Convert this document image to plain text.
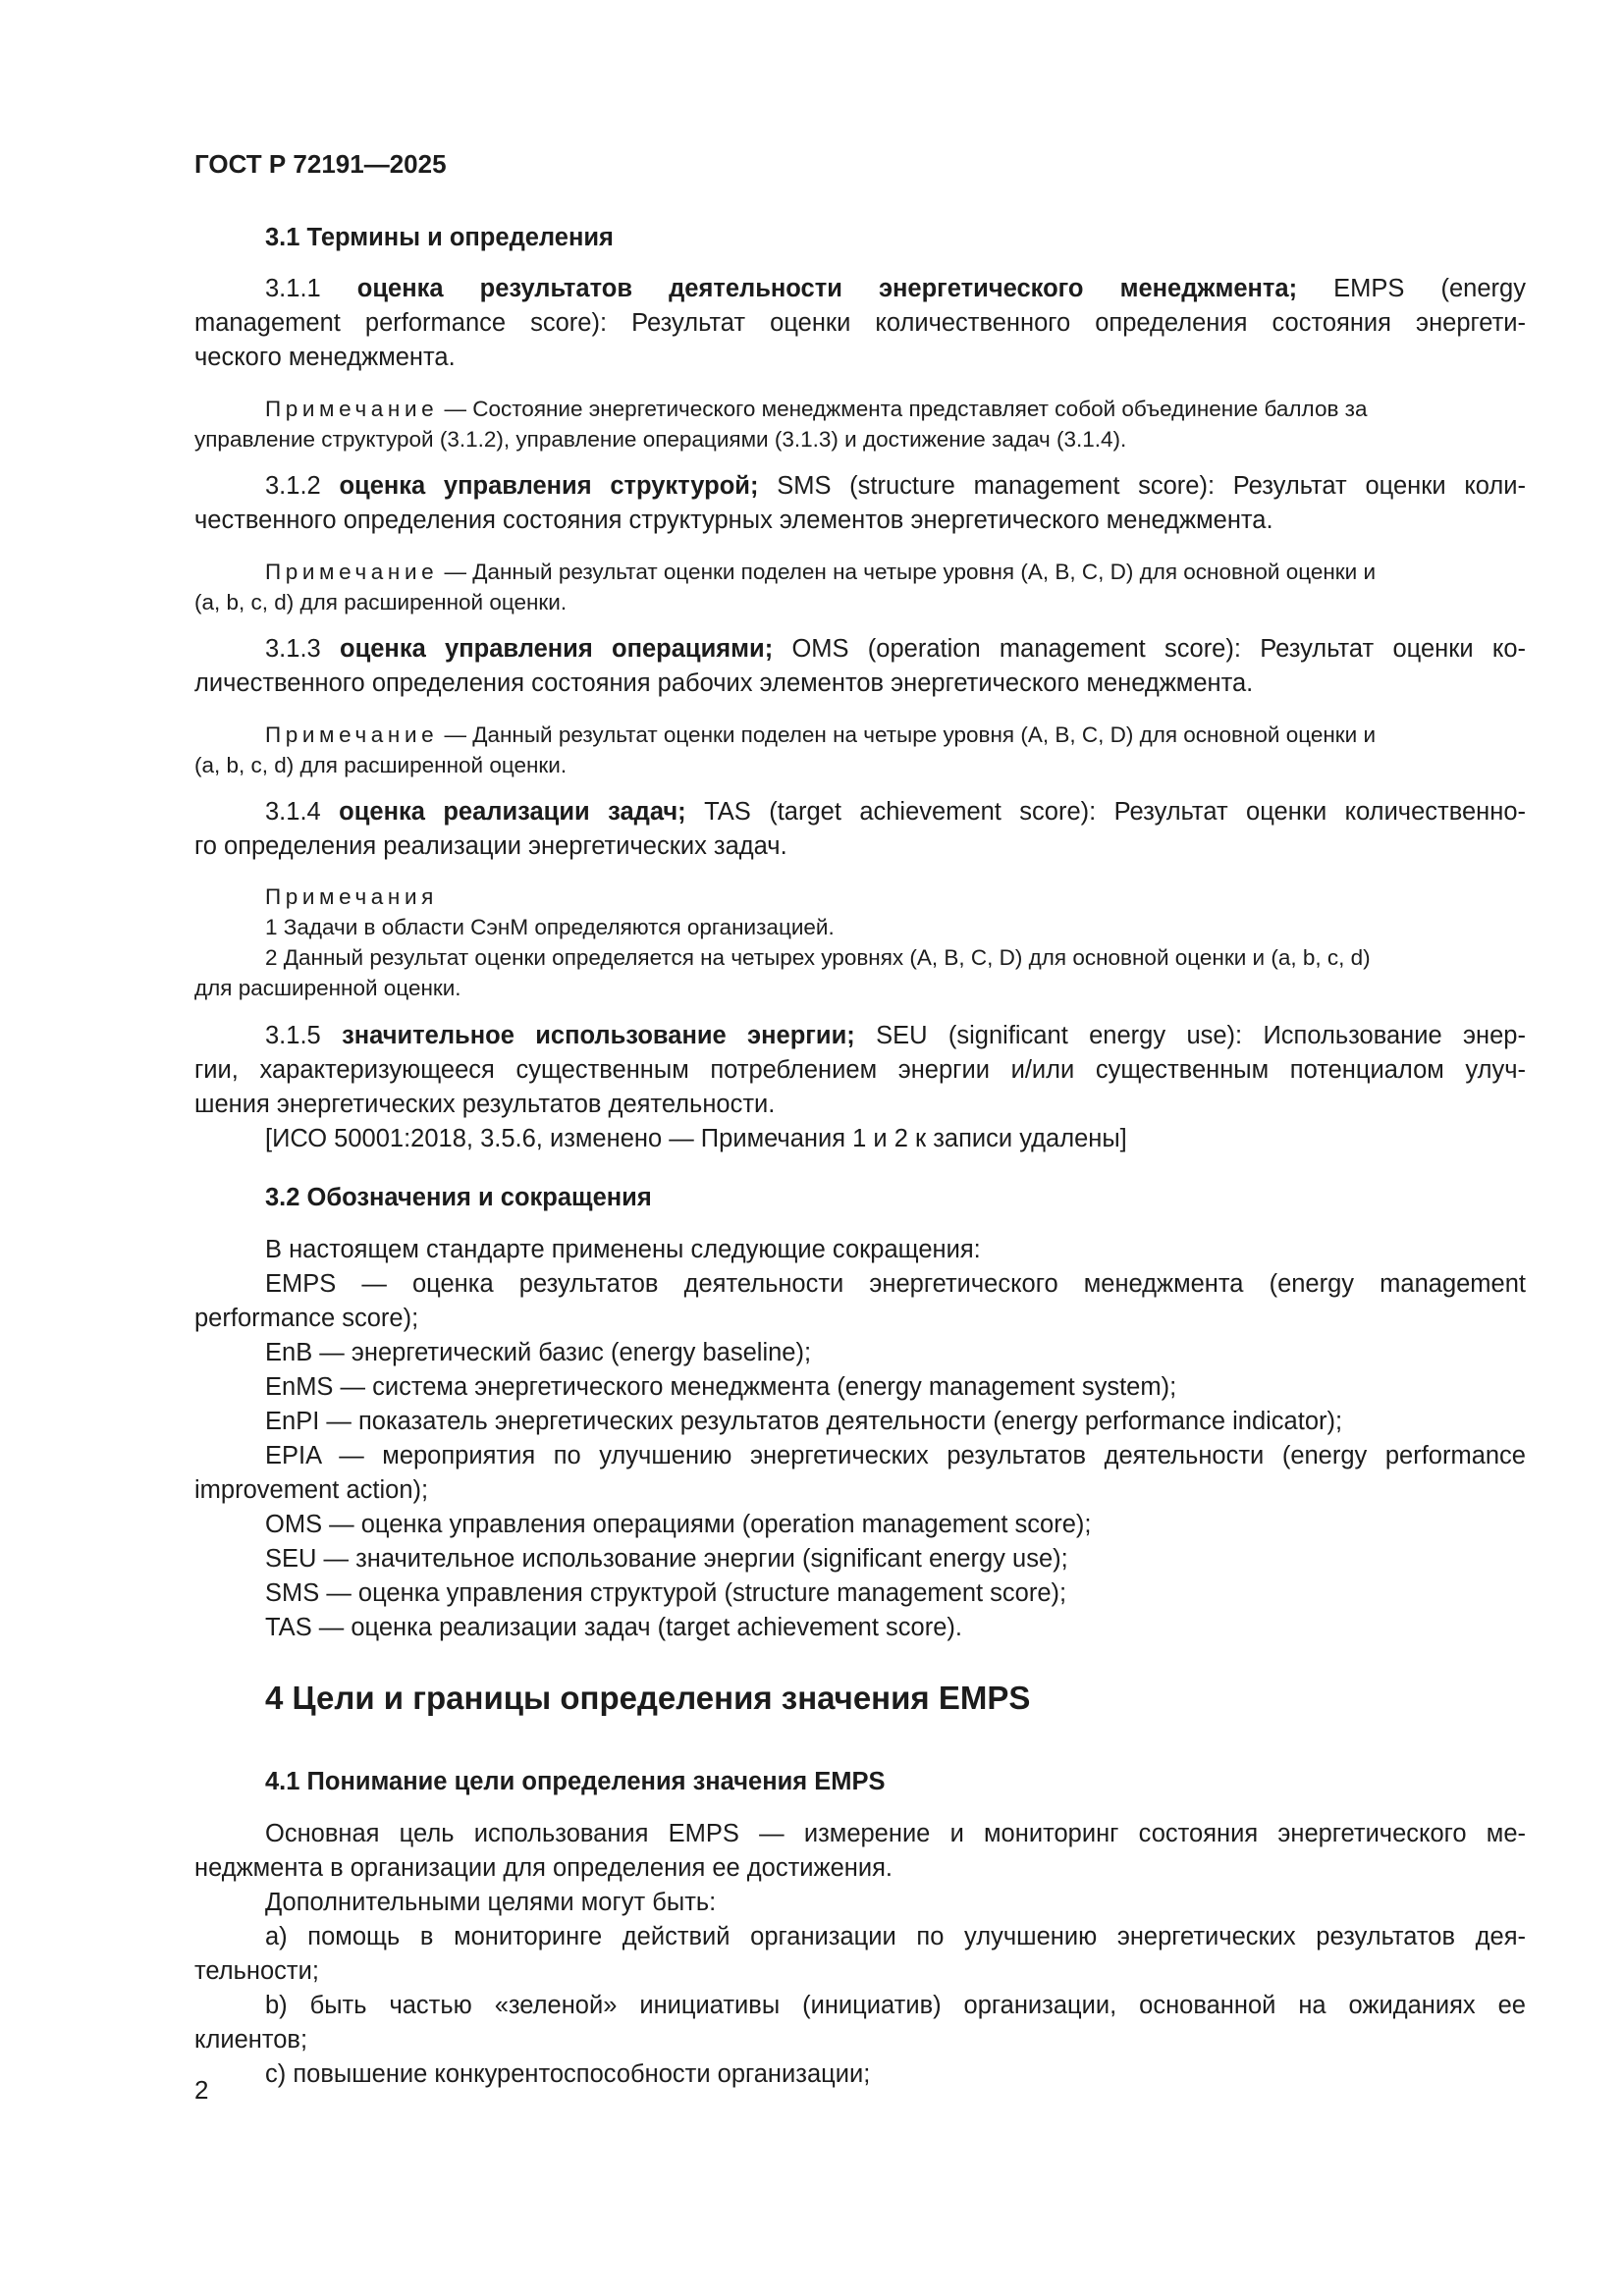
ГОСТ Р 72191—2025
3.1 Термины и определения

3.1.1 оценка результатов деятельности энергетического менеджмента; EMPS (energy

management performance score): Результат оценки количественного определения состояния энергети-

ческого менеджмента.

Примечание — Состояние энергетического менеджмента представляет собой объединение баллов за

управление структурой (3.1.2), управление операциями (3.1.3) и достижение задач (3.1.4).

3.1.2 оценка управления структурой; SMS (structure management score): Результат оценки коли-

чественного определения состояния структурных элементов энергетического менеджмента.

Примечание — Данный результат оценки поделен на четыре уровня (A, B, C, D) для основной оценки и

(a, b, c, d) для расширенной оценки.

3.1.3 оценка управления операциями; OMS (operation management score): Результат оценки ко-

личественного определения состояния рабочих элементов энергетического менеджмента.

Примечание — Данный результат оценки поделен на четыре уровня (A, B, C, D) для основной оценки и

(a, b, c, d) для расширенной оценки.

3.1.4 оценка реализации задач; TAS (target achievement score): Результат оценки количественно-

го определения реализации энергетических задач.

Примечания

1 Задачи в области СэнМ определяются организацией.

2 Данный результат оценки определяется на четырех уровнях (A, B, C, D) для основной оценки и (a, b, c, d)

для расширенной оценки.

3.1.5 значительное использование энергии; SEU (significant energy use): Использование энер-

гии, характеризующееся существенным потреблением энергии и/или существенным потенциалом улуч-

шения энергетических результатов деятельности.

[ИСО 50001:2018, 3.5.6, изменено — Примечания 1 и 2 к записи удалены]

3.2 Обозначения и сокращения

В настоящем стандарте применены следующие сокращения:

EMPS — оценка результатов деятельности энергетического менеджмента (energy management

performance score);

EnB — энергетический базис (energy baseline);

EnMS — система энергетического менеджмента (energy management system);

EnPI — показатель энергетических результатов деятельности (energy performance indicator);

EPIA — мероприятия по улучшению энергетических результатов деятельности (energy performance

improvement action);

OMS — оценка управления операциями (operation management score);

SEU — значительное использование энергии (significant energy use);

SMS — оценка управления структурой (structure management score);

TAS — оценка реализации задач (target achievement score).

4 Цели и границы определения значения EMPS
4.1 Понимание цели определения значения EMPS

Основная цель использования EMPS — измерение и мониторинг состояния энергетического ме-

неджмента в организации для определения ее достижения.

Дополнительными целями могут быть:

a) помощь в мониторинге действий организации по улучшению энергетических результатов дея-

тельности;

b) быть частью «зеленой» инициативы (инициатив) организации, основанной на ожиданиях ее

клиентов;

c) повышение конкурентоспособности организации;

2
